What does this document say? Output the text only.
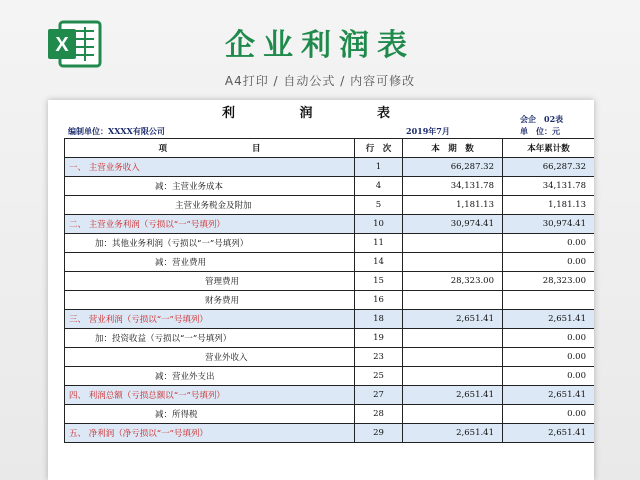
X	企业利润表
A4打印 / 自动公式 / 内容可修改
利 润 表	会企　02表
编制单位：XXXX有限公司	2019年7月	单　位：元
项　　　　　　　　　　目	行　次	本　期　数	本年累计数
一、 主营业务收入	1	66,287.32	66,287.32
减：主营业务成本	4	34,131.78	34,131.78
主营业务税金及附加	5	1,181.13	1,181.13
二、 主营业务利润（亏损以“一”号填列）	10	30,974.41	30,974.41
加：其他业务利润（亏损以“一”号填列）	11		0.00
减：营业费用	14		0.00
管理费用	15	28,323.00	28,323.00
财务费用	16		
三、 营业利润（亏损以“一”号填列）	18	2,651.41	2,651.41
加：投资收益（亏损以“一”号填列）	19		0.00
营业外收入	23		0.00
减：营业外支出	25		0.00
四、 利润总额（亏损总额以“一”号填列）	27	2,651.41	2,651.41
减：所得税	28		0.00
五、 净利润（净亏损以“一”号填列）	29	2,651.41	2,651.41
